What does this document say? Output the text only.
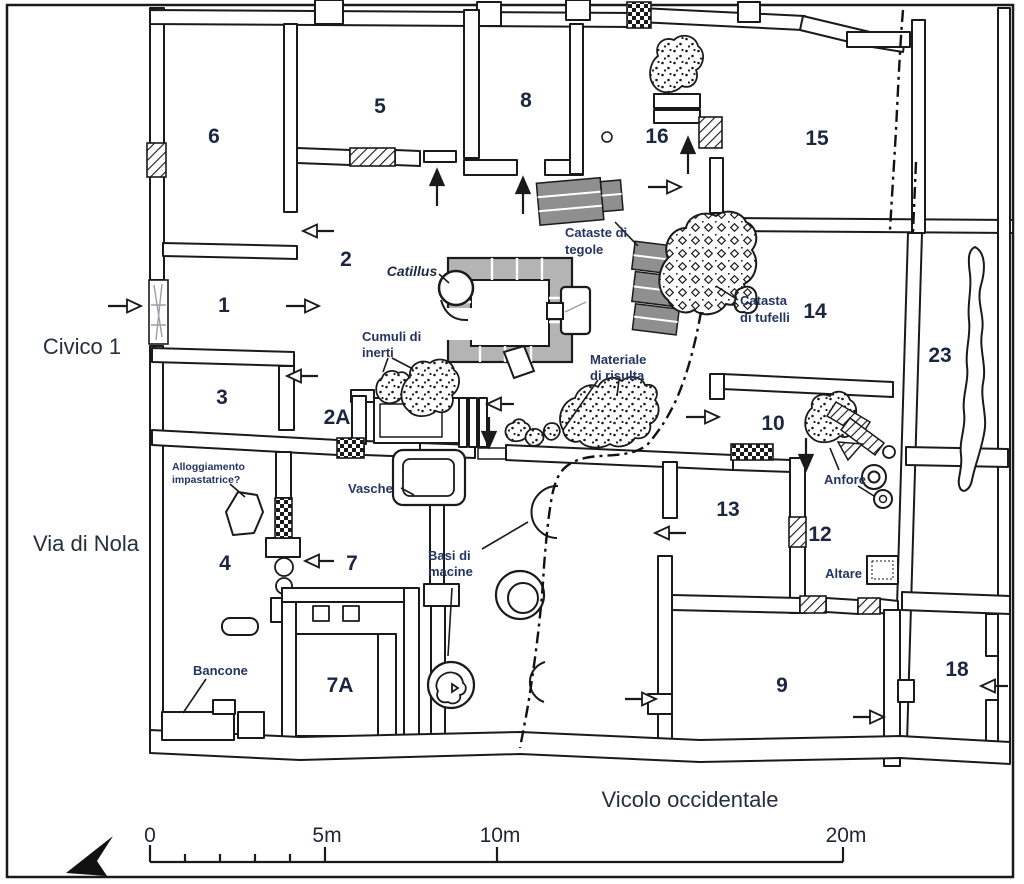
6
5	8
16	15
2
1
3
2A
14
23
10
13
12
4	7
7A	9
18
Catillus
Cumuli di
inerti
Cataste di
tegole
Catasta
di tufelli
Materiale
di risulta
Alloggiamento
impastatrice?
Vasche
Basi di
macine
Bancone
Anfore
Altare
Civico 1
Via di Nola
Vicolo occidentale
0	5m	10m	20m
